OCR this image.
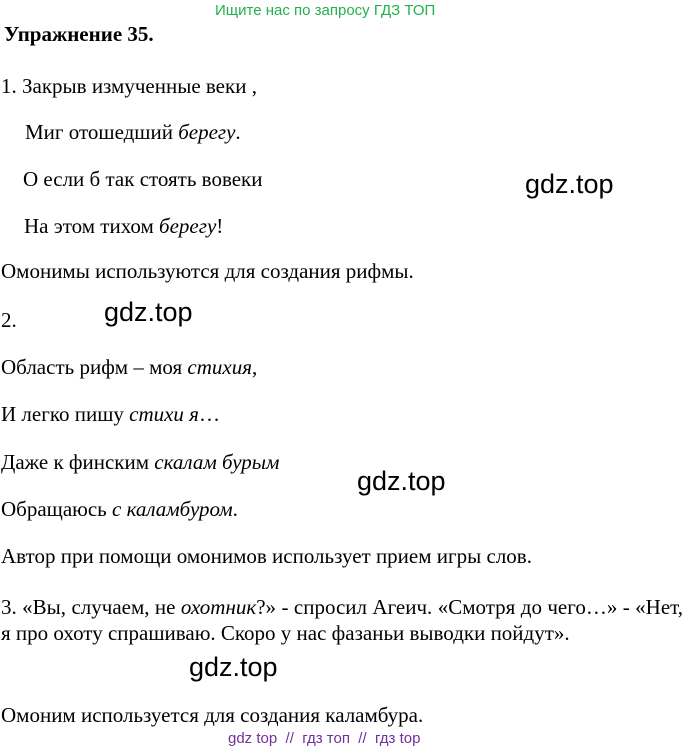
Ищите нас по запросу ГДЗ ТОП
Упражнение 35.
1. Закрыв измученные веки ,
Миг отошедший берегу.
О если б так стоять вовеки
На этом тихом берегу!
Омонимы используются для создания рифмы.
2.
Область рифм – моя стихия,
И легко пишу стихи я…
Даже к финским скалам бурым
Обращаюсь с каламбуром.
Автор при помощи омонимов использует прием игры слов.
3. «Вы, случаем, не охотник?» - спросил Агеич. «Смотря до чего…» - «Нет, я про охоту спрашиваю. Скоро у нас фазаньи выводки пойдут».
Омоним используется для создания каламбура.
gdz.top
gdz.top
gdz.top
gdz.top
gdz top  //  гдз топ  //  гдз top
